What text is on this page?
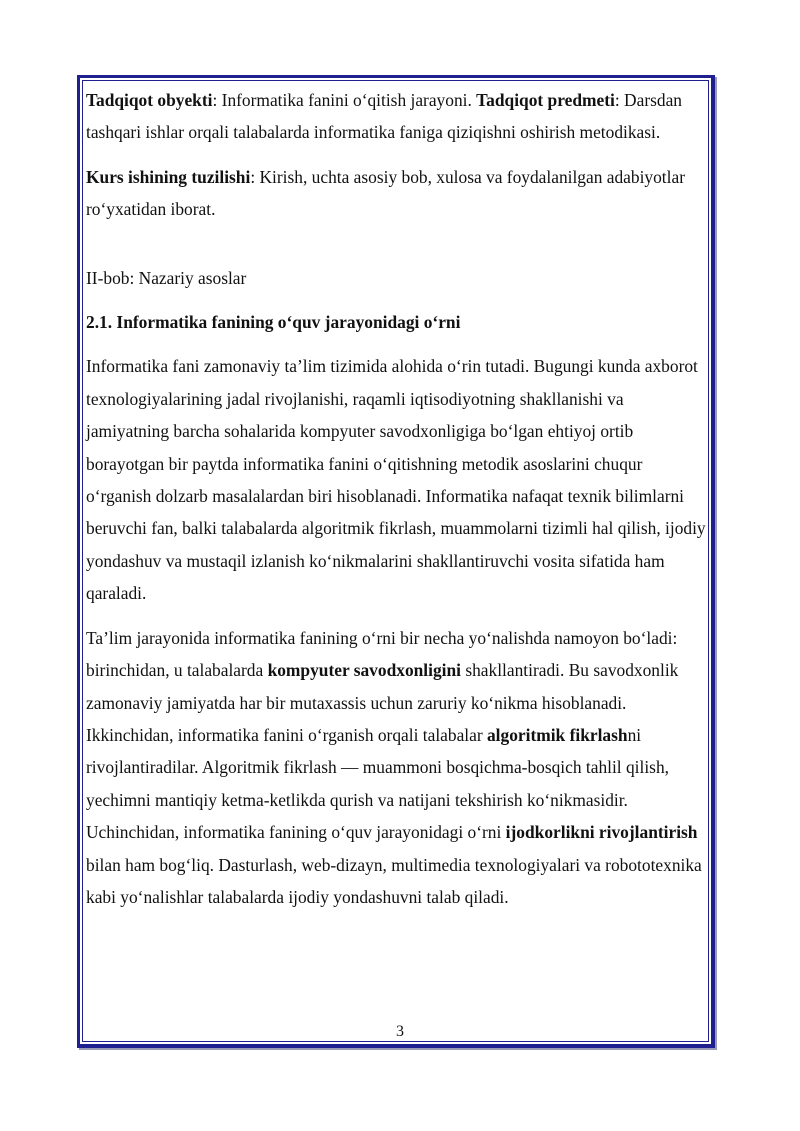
Tadqiqot obyekti: Informatika fanini o‘qitish jarayoni. Tadqiqot predmeti: Darsdan tashqari ishlar orqali talabalarda informatika faniga qiziqishni oshirish metodikasi.

Kurs ishining tuzilishi: Kirish, uchta asosiy bob, xulosa va foydalanilgan adabiyotlar ro‘yxatidan iborat.

II-bob: Nazariy asoslar

2.1. Informatika fanining o‘quv jarayonidagi o‘rni

Informatika fani zamonaviy ta’lim tizimida alohida o‘rin tutadi. Bugungi kunda axborot texnologiyalarining jadal rivojlanishi, raqamli iqtisodiyotning shakllanishi va jamiyatning barcha sohalarida kompyuter savodxonligiga bo‘lgan ehtiyoj ortib borayotgan bir paytda informatika fanini o‘qitishning metodik asoslarini chuqur o‘rganish dolzarb masalalardan biri hisoblanadi. Informatika nafaqat texnik bilimlarni beruvchi fan, balki talabalarda algoritmik fikrlash, muammolarni tizimli hal qilish, ijodiy yondashuv va mustaqil izlanish ko‘nikmalarini shakllantiruvchi vosita sifatida ham qaraladi.

Ta’lim jarayonida informatika fanining o‘rni bir necha yo‘nalishda namoyon bo‘ladi: birinchidan, u talabalarda kompyuter savodxonligini shakllantiradi. Bu savodxonlik zamonaviy jamiyatda har bir mutaxassis uchun zaruriy ko‘nikma hisoblanadi. Ikkinchidan, informatika fanini o‘rganish orqali talabalar algoritmik fikrlashni rivojlantiradilar. Algoritmik fikrlash — muammoni bosqichma-bosqich tahlil qilish, yechimni mantiqiy ketma-ketlikda qurish va natijani tekshirish ko‘nikmasidir. Uchinchidan, informatika fanining o‘quv jarayonidagi o‘rni ijodkorlikni rivojlantirish bilan ham bog‘liq. Dasturlash, web-dizayn, multimedia texnologiyalari va robototexnika kabi yo‘nalishlar talabalarda ijodiy yondashuvni talab qiladi.

3
